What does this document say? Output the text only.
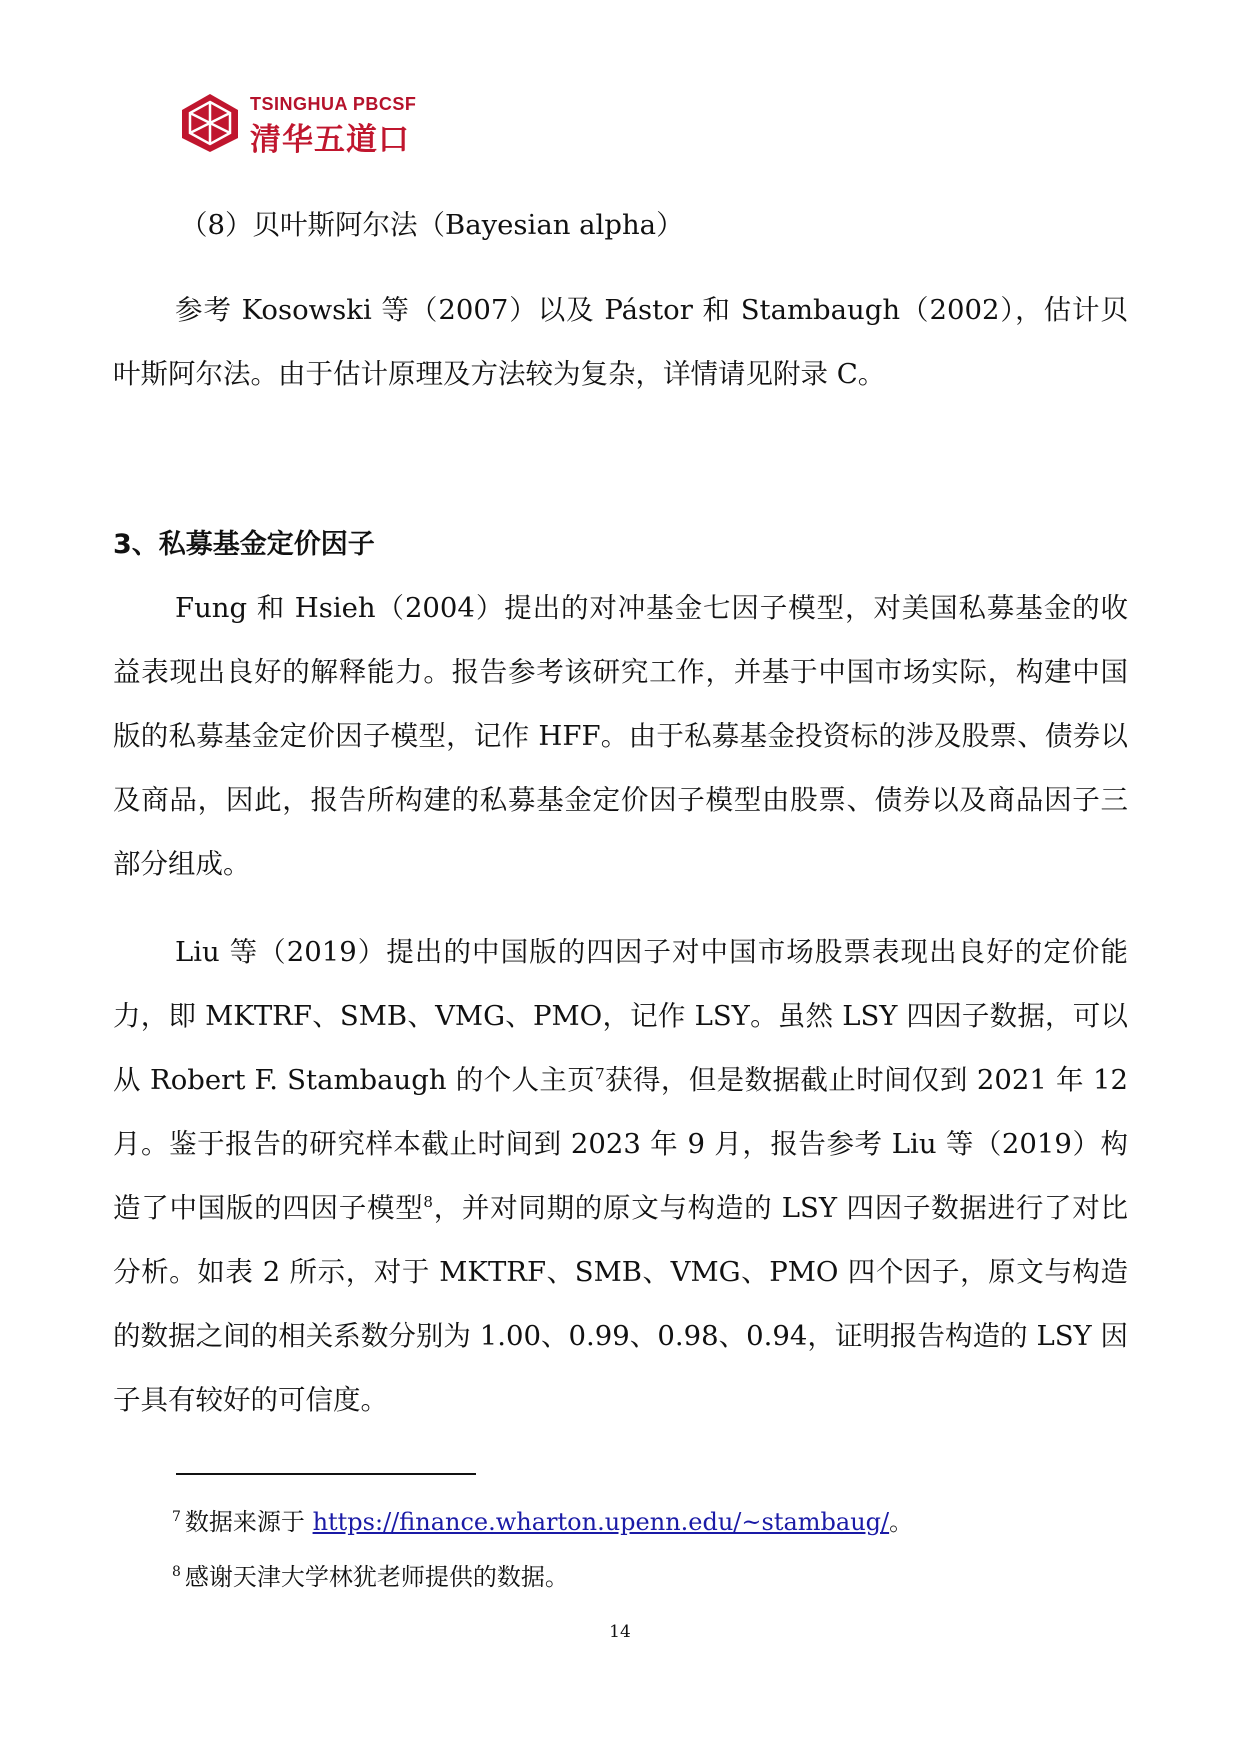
TSINGHUA PBCSF
清华五道口
（8）贝叶斯阿尔法（Bayesian alpha）

参考 Kosowski 等（2007）以及 Pástor 和 Stambaugh（2002），估计贝叶斯阿尔法。由于估计原理及方法较为复杂，详情请见附录 C。

3、私募基金定价因子

Fung 和 Hsieh（2004）提出的对冲基金七因子模型，对美国私募基金的收益表现出良好的解释能力。报告参考该研究工作，并基于中国市场实际，构建中国版的私募基金定价因子模型，记作 HFF。由于私募基金投资标的涉及股票、债券以及商品，因此，报告所构建的私募基金定价因子模型由股票、债券以及商品因子三部分组成。

Liu 等（2019）提出的中国版的四因子对中国市场股票表现出良好的定价能力，即 MKTRF、SMB、VMG、PMO，记作 LSY。虽然 LSY 四因子数据，可以从 Robert F. Stambaugh 的个人主页$^7$获得，但是数据截止时间仅到 2021 年 12 月。鉴于报告的研究样本截止时间到 2023 年 9 月，报告参考 Liu 等（2019）构造了中国版的四因子模型$^8$，并对同期的原文与构造的 LSY 四因子数据进行了对比分析。如表 2 所示，对于 MKTRF、SMB、VMG、PMO 四个因子，原文与构造的数据之间的相关系数分别为 1.00、0.99、0.98、0.94，证明报告构造的 LSY 因子具有较好的可信度。

$^7$ 数据来源于 https://finance.wharton.upenn.edu/~stambaug/。
$^8$ 感谢天津大学林犹老师提供的数据。
14
